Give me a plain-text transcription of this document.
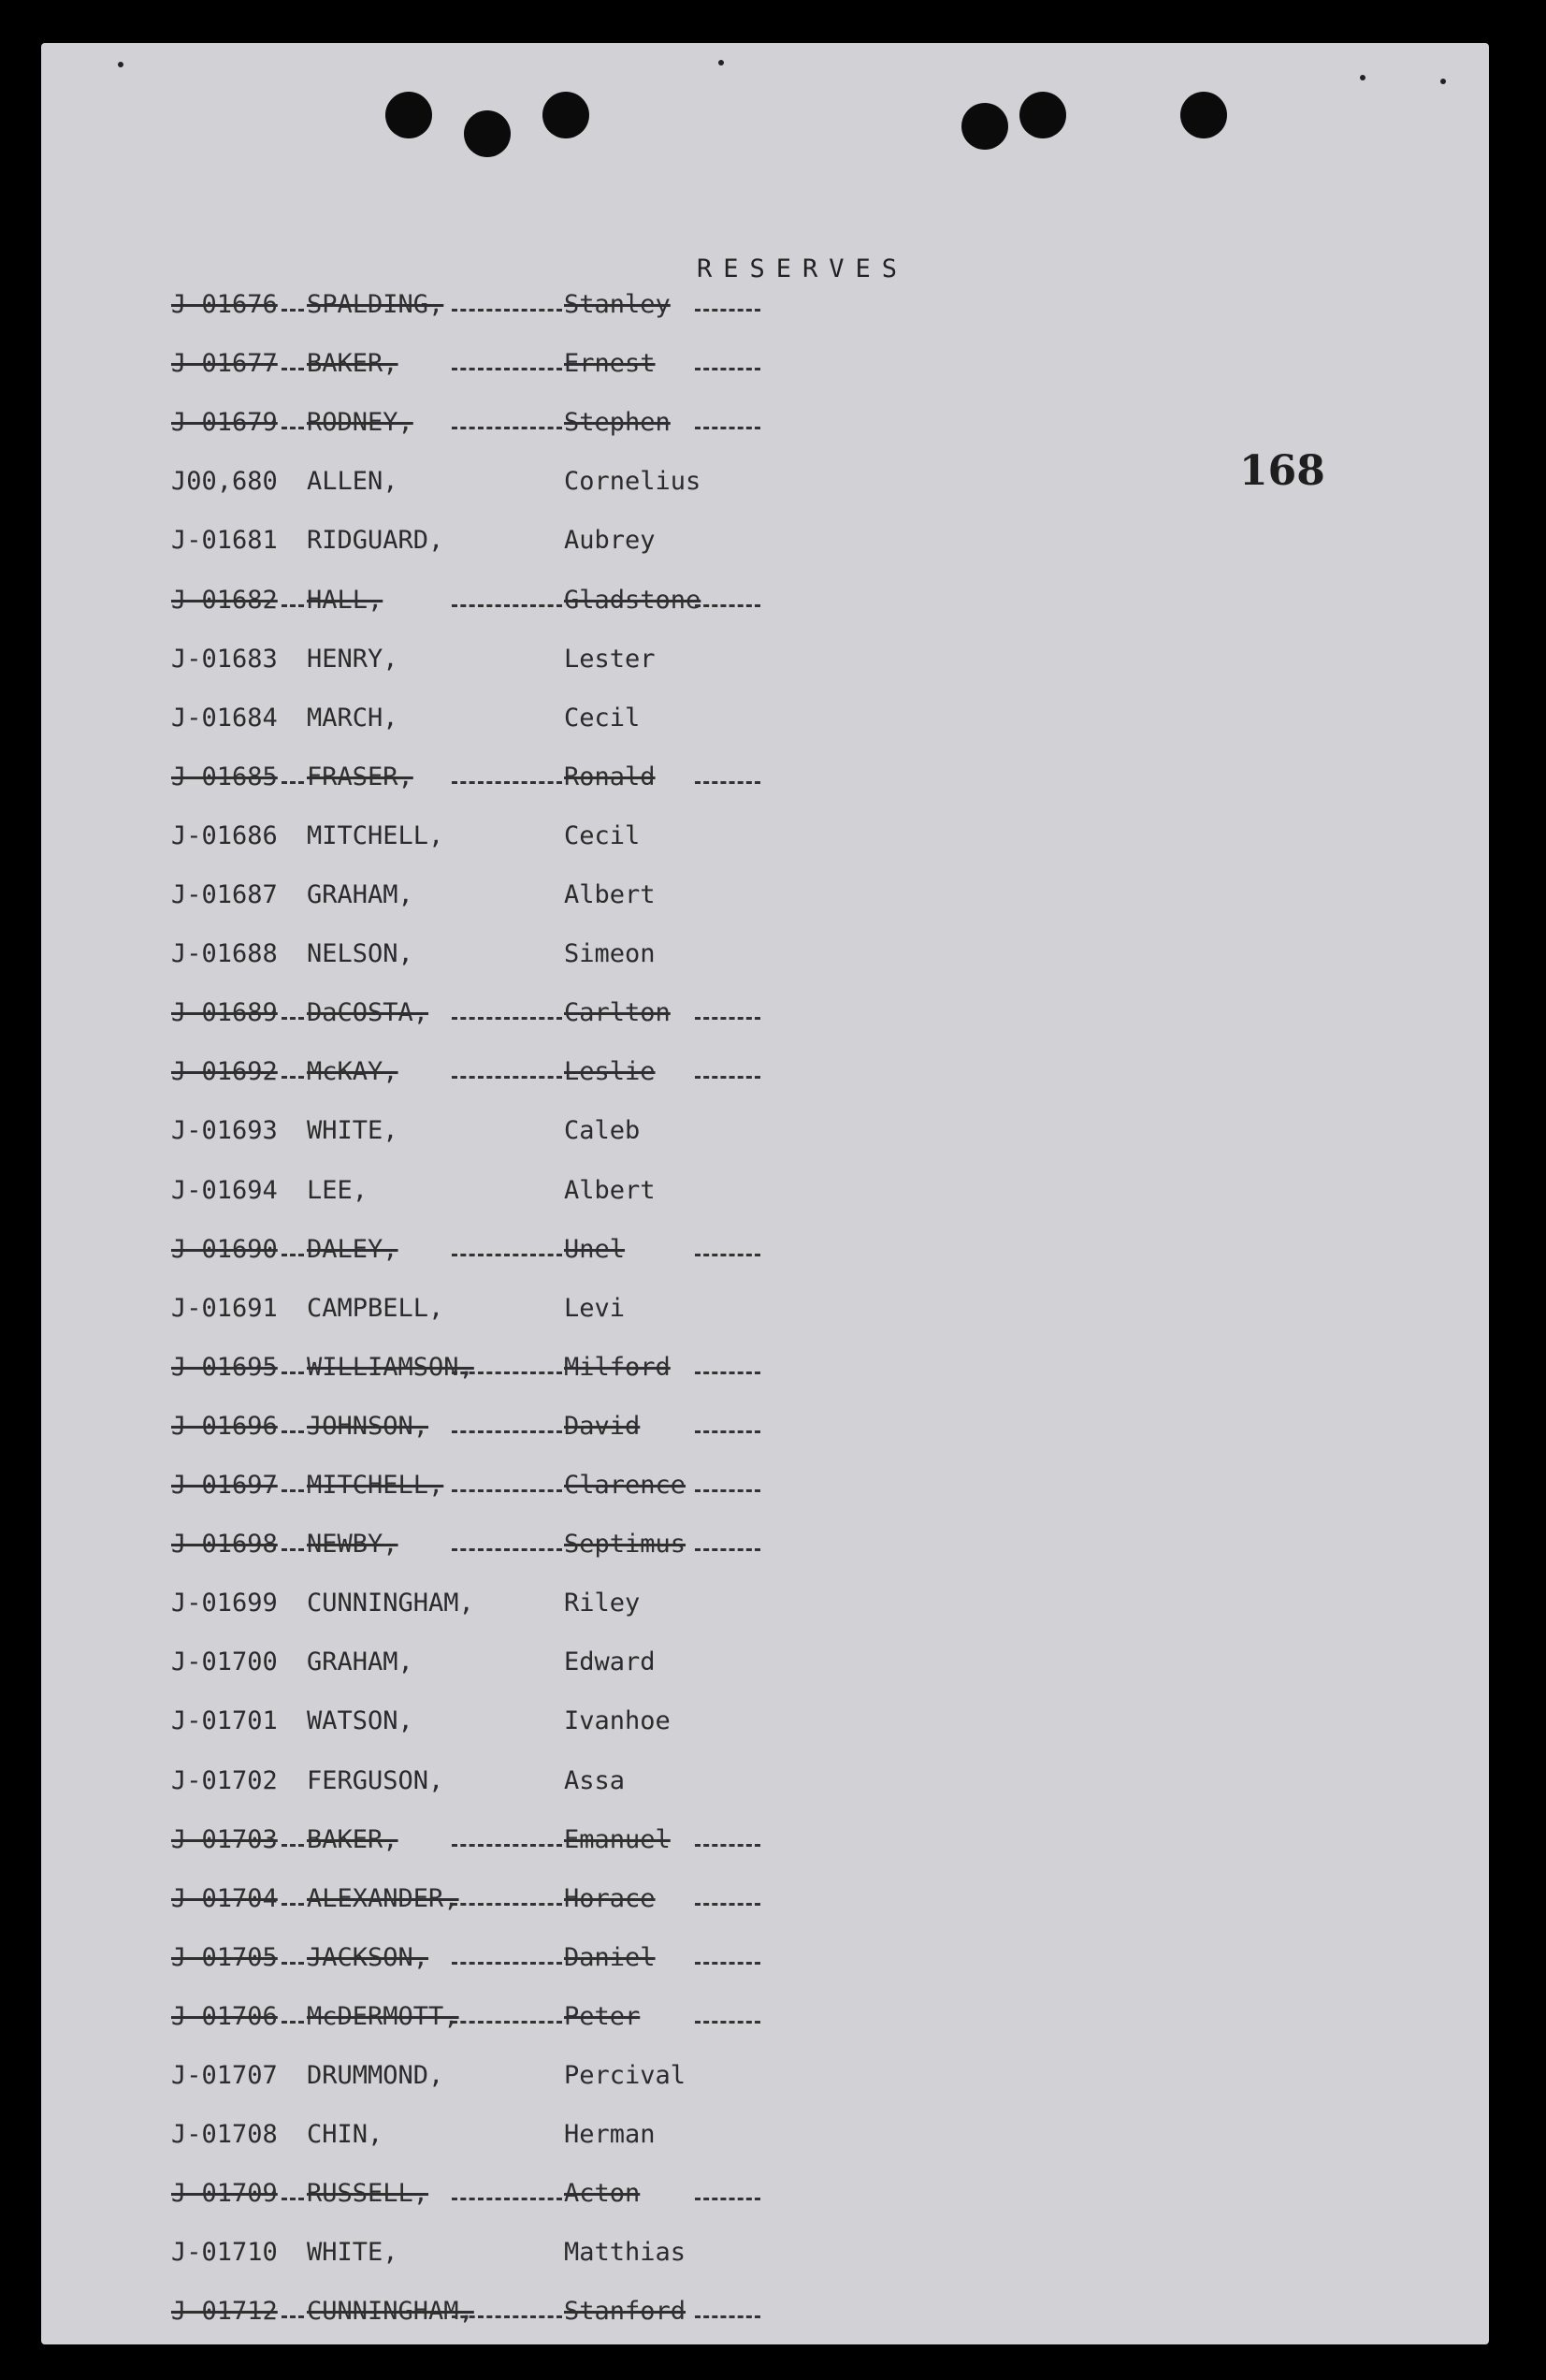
RESERVES
168
J-01676 SPALDING,	Stanley
J-01677 BAKER,	Ernest
J-01679 RODNEY,	Stephen
J00,680 ALLEN,	Cornelius
J-01681 RIDGUARD,	Aubrey
J-01682 HALL,	Gladstone
J-01683 HENRY,	Lester
J-01684 MARCH,	Cecil
J-01685 FRASER,	Ronald
J-01686 MITCHELL,	Cecil
J-01687 GRAHAM,	Albert
J-01688 NELSON,	Simeon
J-01689 DaCOSTA,	Carlton
J-01692 McKAY,	Leslie
J-01693 WHITE,	Caleb
J-01694 LEE,	Albert
J-01690 DALEY,	Unel
J-01691 CAMPBELL,	Levi
J-01695 WILLIAMSON,	Milford
J-01696 JOHNSON,	David
J-01697 MITCHELL,	Clarence
J-01698 NEWBY,	Septimus
J-01699 CUNNINGHAM,	Riley
J-01700 GRAHAM,	Edward
J-01701 WATSON,	Ivanhoe
J-01702 FERGUSON,	Assa
J-01703 BAKER,	Emanuel
J-01704 ALEXANDER,	Horace
J-01705 JACKSON,	Daniel
J-01706 McDERMOTT,	Peter
J-01707 DRUMMOND,	Percival
J-01708 CHIN,	Herman
J-01709 RUSSELL,	Acton
J-01710 WHITE,	Matthias
J-01712 CUNNINGHAM,	Stanford
